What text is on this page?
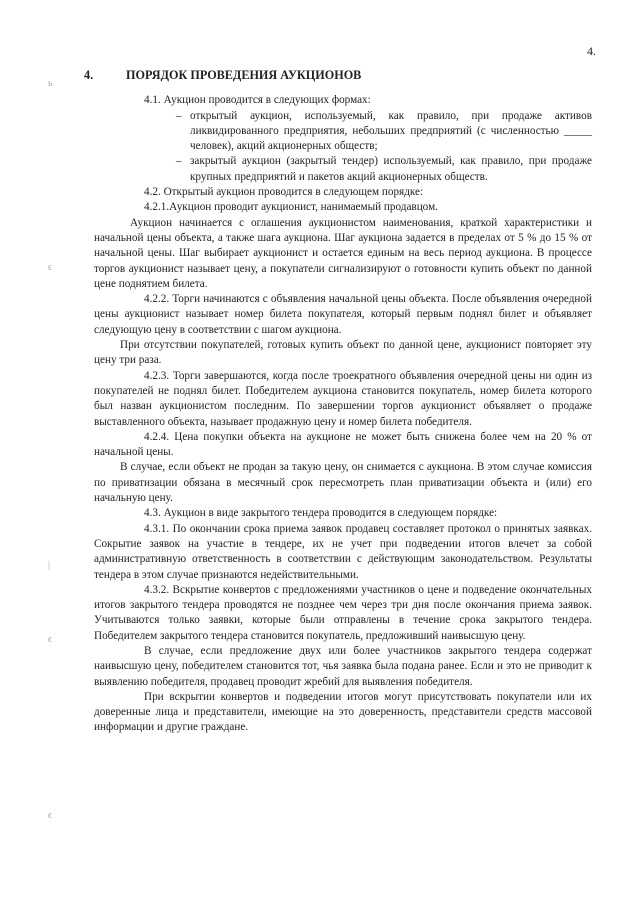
4.
ь
ϵ
|
ϵ
ϵ
4.	ПОРЯДОК ПРОВЕДЕНИЯ АУКЦИОНОВ

4.1. Аукцион проводится в следующих формах:

– открытый аукцион, используемый, как правило, при продаже активов ликвидированного предприятия, небольших предприятий (с численностью _____ человек), акций акционерных обществ;
– закрытый аукцион (закрытый тендер) используемый, как правило, при продаже крупных предприятий и пакетов акций акционерных обществ.

4.2. Открытый аукцион проводится в следующем порядке:

4.2.1.Аукцион проводит аукционист, нанимаемый продавцом.

Аукцион начинается с оглашения аукционистом наименования, краткой характеристики и начальной цены объекта, а также шага аукциона. Шаг аукциона задается в пределах от 5 % до 15 % от начальной цены. Шаг выбирает аукционист и остается единым на весь период аукциона. В процессе торгов аукционист называет цену, а покупатели сигнализируют о готовности купить объект по данной цене поднятием билета.

4.2.2. Торги начинаются с объявления начальной цены объекта. После объявления очередной цены аукционист называет номер билета покупателя, который первым поднял билет и объявляет следующую цену в соответствии с шагом аукциона.

При отсутствии покупателей, готовых купить объект по данной цене, аукционист повторяет эту цену три раза.

4.2.3. Торги завершаются, когда после троекратного объявления очередной цены ни один из покупателей не поднял билет. Победителем аукциона становится покупатель, номер билета которого был назван аукционистом последним. По завершении торгов аукционист объявляет о продаже выставленного объекта, называет продажную цену и номер билета победителя.

4.2.4. Цена покупки объекта на аукционе не может быть снижена более чем на 20 % от начальной цены.

В случае, если объект не продан за такую цену, он снимается с аукциона. В этом случае комиссия по приватизации обязана в месячный срок пересмотреть план приватизации объекта и (или) его начальную цену.

4.3. Аукцион в виде закрытого тендера проводится в следующем порядке:

4.3.1. По окончании срока приема заявок продавец составляет протокол о принятых заявках. Сокрытие заявок на участие в тендере, их не учет при подведении итогов влечет за собой административную ответственность в соответствии с действующим законодательством. Результаты тендера в этом случае признаются недействительными.

4.3.2. Вскрытие конвертов с предложениями участников о цене и подведение окончательных итогов закрытого тендера проводятся не позднее чем через три дня после окончания приема заявок. Учитываются только заявки, которые были отправлены в течение срока закрытого тендера. Победителем закрытого тендера становится покупатель, предложивший наивысшую цену.

В случае, если предложение двух или более участников закрытого тендера содержат наивысшую цену, победителем становится тот, чья заявка была подана ранее. Если и это не приводит к выявлению победителя, продавец проводит жребий для выявления победителя.

При вскрытии конвертов и подведении итогов могут присутствовать покупатели или их доверенные лица и представители, имеющие на это доверенность, представители средств массовой информации и другие граждане.
